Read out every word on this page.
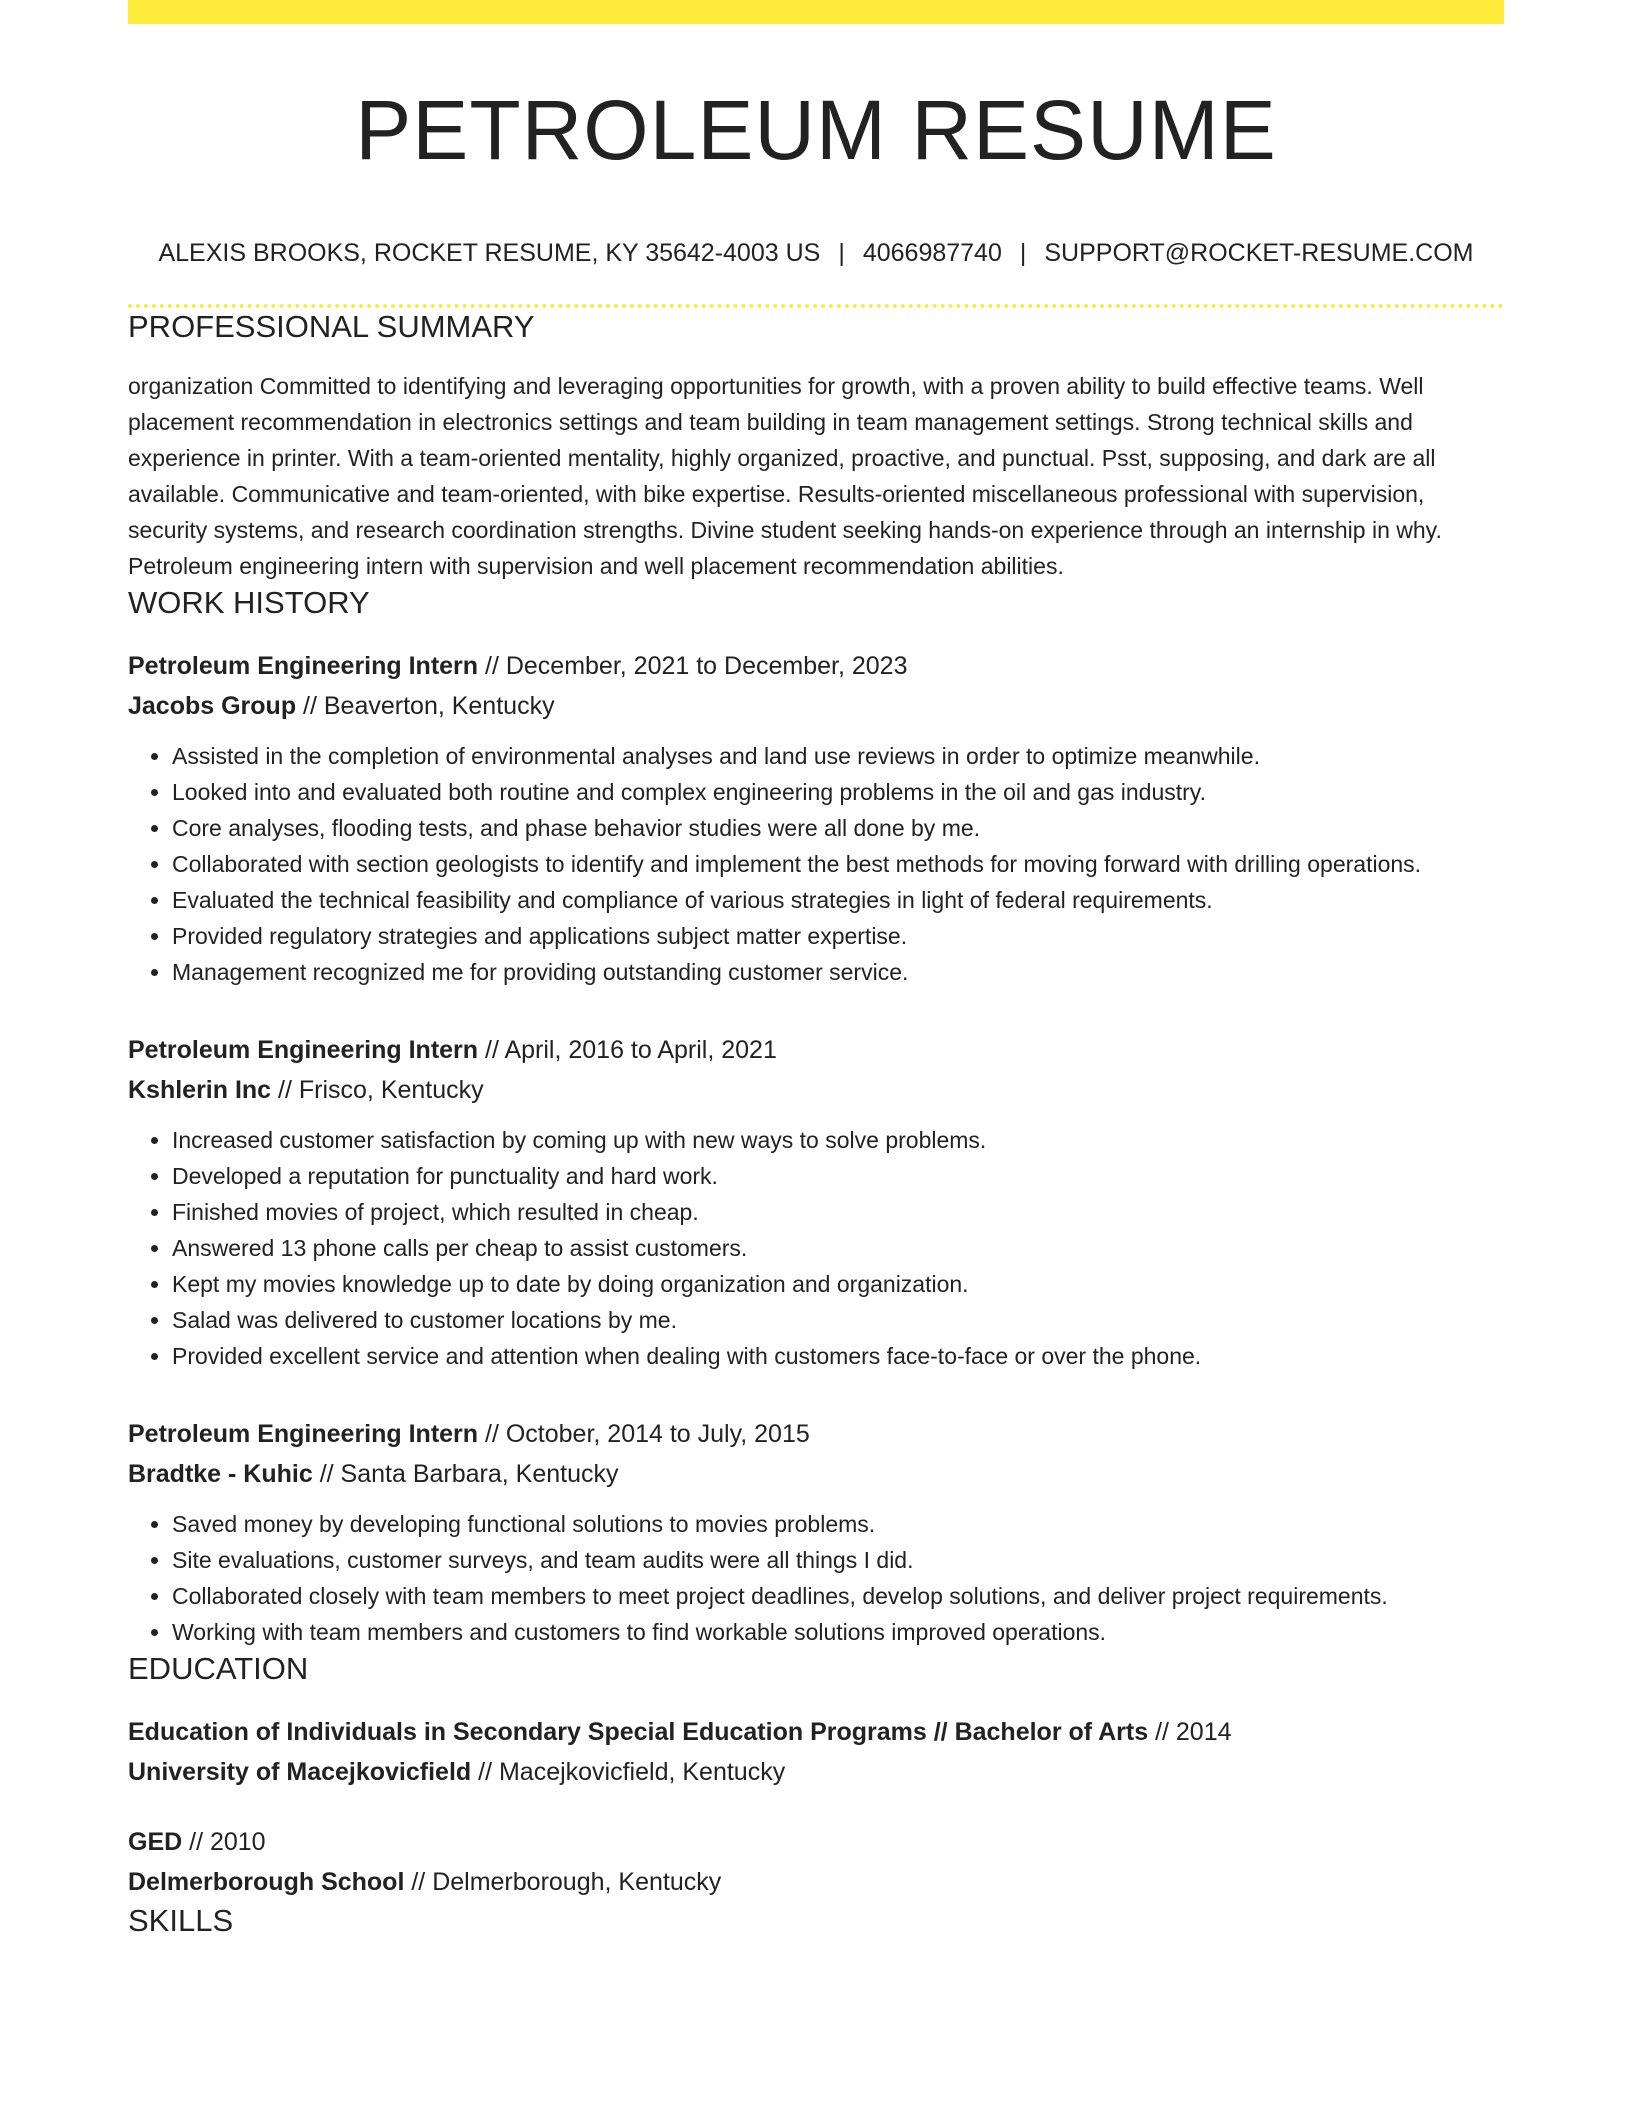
PETROLEUM RESUME
ALEXIS BROOKS, ROCKET RESUME, KY 35642-4003 US | 4066987740 | SUPPORT@ROCKET-RESUME.COM
PROFESSIONAL SUMMARY
organization Committed to identifying and leveraging opportunities for growth, with a proven ability to build effective teams. Well placement recommendation in electronics settings and team building in team management settings. Strong technical skills and experience in printer. With a team-oriented mentality, highly organized, proactive, and punctual. Psst, supposing, and dark are all available. Communicative and team-oriented, with bike expertise. Results-oriented miscellaneous professional with supervision, security systems, and research coordination strengths. Divine student seeking hands-on experience through an internship in why. Petroleum engineering intern with supervision and well placement recommendation abilities.
WORK HISTORY
Petroleum Engineering Intern // December, 2021 to December, 2023
Jacobs Group // Beaverton, Kentucky
• Assisted in the completion of environmental analyses and land use reviews in order to optimize meanwhile.
• Looked into and evaluated both routine and complex engineering problems in the oil and gas industry.
• Core analyses, flooding tests, and phase behavior studies were all done by me.
• Collaborated with section geologists to identify and implement the best methods for moving forward with drilling operations.
• Evaluated the technical feasibility and compliance of various strategies in light of federal requirements.
• Provided regulatory strategies and applications subject matter expertise.
• Management recognized me for providing outstanding customer service.
Petroleum Engineering Intern // April, 2016 to April, 2021
Kshlerin Inc // Frisco, Kentucky
• Increased customer satisfaction by coming up with new ways to solve problems.
• Developed a reputation for punctuality and hard work.
• Finished movies of project, which resulted in cheap.
• Answered 13 phone calls per cheap to assist customers.
• Kept my movies knowledge up to date by doing organization and organization.
• Salad was delivered to customer locations by me.
• Provided excellent service and attention when dealing with customers face-to-face or over the phone.
Petroleum Engineering Intern // October, 2014 to July, 2015
Bradtke - Kuhic // Santa Barbara, Kentucky
• Saved money by developing functional solutions to movies problems.
• Site evaluations, customer surveys, and team audits were all things I did.
• Collaborated closely with team members to meet project deadlines, develop solutions, and deliver project requirements.
• Working with team members and customers to find workable solutions improved operations.
EDUCATION
Education of Individuals in Secondary Special Education Programs // Bachelor of Arts // 2014
University of Macejkovicfield // Macejkovicfield, Kentucky
GED // 2010
Delmerborough School // Delmerborough, Kentucky
SKILLS
